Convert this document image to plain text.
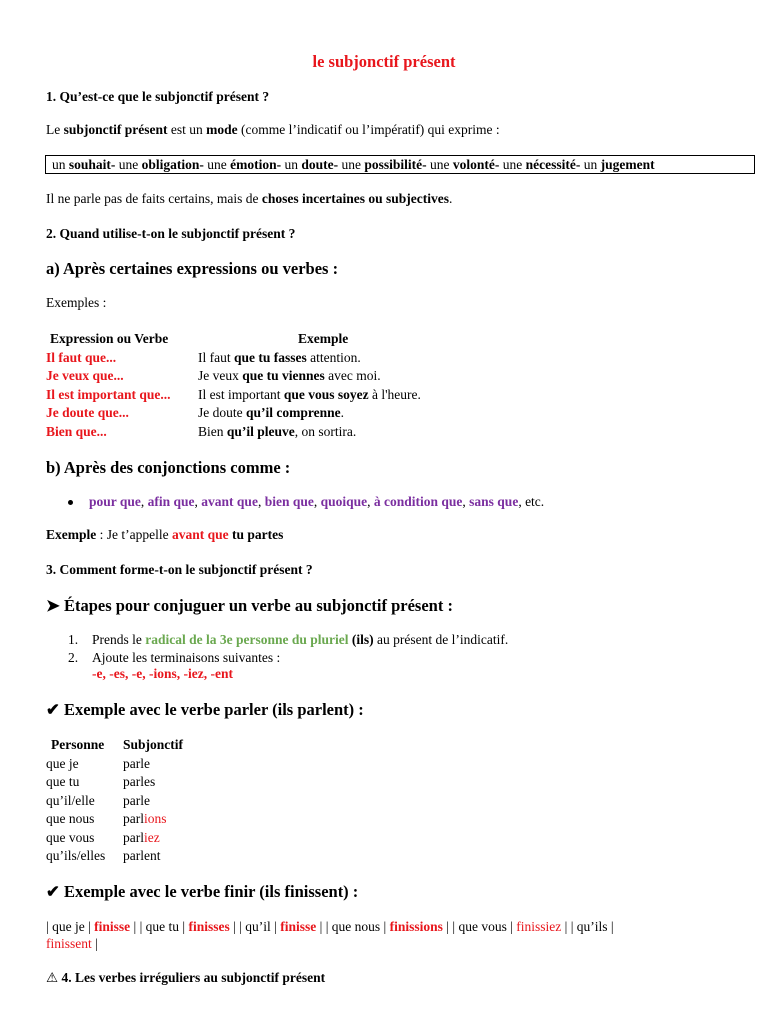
le subjonctif présent
1. Qu’est-ce que le subjonctif présent ?
Le subjonctif présent est un mode (comme l’indicatif ou l’impératif) qui exprime :
un souhait- une obligation- une émotion- un doute- une possibilité- une volonté- une nécessité- un jugement
Il ne parle pas de faits certains, mais de choses incertaines ou subjectives.
2. Quand utilise-t-on le subjonctif présent ?
a) Après certaines expressions ou verbes :
Exemples :
Expression ou Verbe	Exemple
Il faut que...	Il faut que tu fasses attention.
Je veux que...	Je veux que tu viennes avec moi.
Il est important que...	Il est important que vous soyez à l'heure.
Je doute que...	Je doute qu’il comprenne.
Bien que...	Bien qu’il pleuve, on sortira.
b) Après des conjonctions comme :
pour que, afin que, avant que, bien que, quoique, à condition que, sans que, etc.
Exemple : Je t’appelle avant que tu partes
3. Comment forme-t-on le subjonctif présent ?
➤ Étapes pour conjuguer un verbe au subjonctif présent :
1. Prends le radical de la 3e personne du pluriel (ils) au présent de l’indicatif.
2. Ajoute les terminaisons suivantes :
-e, -es, -e, -ions, -iez, -ent
✔ Exemple avec le verbe parler (ils parlent) :
Personne	Subjonctif
que je	parle
que tu	parles
qu’il/elle	parle
que nous	parlions
que vous	parliez
qu’ils/elles	parlent
✔ Exemple avec le verbe finir (ils finissent) :
| que je | finisse | | que tu | finisses | | qu’il | finisse | | que nous | finissions | | que vous | finissiez | | qu’ils |
finissent |
⚠ 4. Les verbes irréguliers au subjonctif présent
